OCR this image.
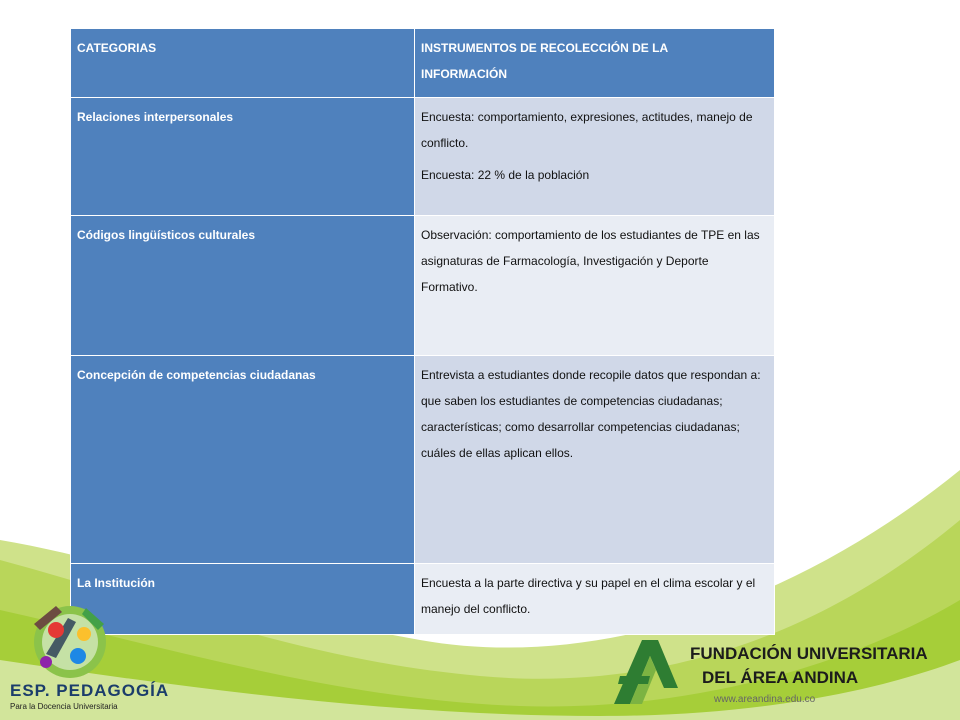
CATEGORIAS	INSTRUMENTOS DE RECOLECCIÓN DE LA
INFORMACIÓN

Relaciones interpersonales	Encuesta: comportamiento, expresiones, actitudes, manejo de conflicto.

Encuesta: 22 % de la población

Códigos lingüísticos culturales	Observación: comportamiento de los estudiantes de TPE en las asignaturas de Farmacología, Investigación y Deporte Formativo.

Concepción de competencias ciudadanas	Entrevista a estudiantes donde recopile datos que respondan a: que saben los estudiantes de competencias ciudadanas; características; como desarrollar competencias ciudadanas; cuáles de ellas aplican ellos.

La Institución	Encuesta a la parte directiva y su papel en el clima escolar y el manejo del conflicto.

ESP. PEDAGOGÍA
Para la Docencia Universitaria
FUNDACIÓN UNIVERSITARIA
DEL ÁREA ANDINA
www.areandina.edu.co
